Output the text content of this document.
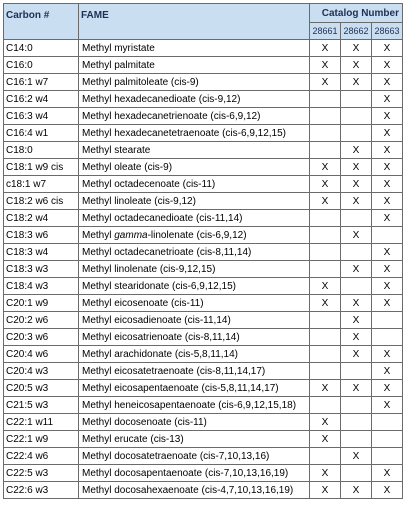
Carbon #	FAME	Catalog Number		
		28661	28662	28663
C14:0	Methyl myristate	X	X	X
C16:0	Methyl palmitate	X	X	X
C16:1 w7	Methyl palmitoleate (cis-9)	X	X	X
C16:2 w4	Methyl hexadecanedioate (cis-9,12)			X
C16:3 w4	Methyl hexadecanetrienoate (cis-6,9,12)			X
C16:4 w1	Methyl hexadecanetetraenoate (cis-6,9,12,15)			X
C18:0	Methyl stearate		X	X
C18:1 w9 cis	Methyl oleate (cis-9)	X	X	X
c18:1 w7	Methyl octadecenoate (cis-11)	X	X	X
C18:2 w6 cis	Methyl linoleate (cis-9,12)	X	X	X
C18:2 w4	Methyl octadecanedioate (cis-11,14)			X
C18:3 w6	Methyl gamma-linolenate (cis-6,9,12)		X	
C18:3 w4	Methyl octadecanetrioate (cis-8,11,14)			X
C18:3 w3	Methyl linolenate (cis-9,12,15)		X	X
C18:4 w3	Methyl stearidonate (cis-6,9,12,15)	X		X
C20:1 w9	Methyl eicosenoate (cis-11)	X	X	X
C20:2 w6	Methyl eicosadienoate (cis-11,14)		X	
C20:3 w6	Methyl eicosatrienoate (cis-8,11,14)		X	
C20:4 w6	Methyl arachidonate (cis-5,8,11,14)		X	X
C20:4 w3	Methyl eicosatetraenoate (cis-8,11,14,17)			X
C20:5 w3	Methyl eicosapentaenoate (cis-5,8,11,14,17)	X	X	X
C21:5 w3	Methyl heneicosapentaenoate (cis-6,9,12,15,18)			X
C22:1 w11	Methyl docosenoate (cis-11)	X		
C22:1 w9	Methyl erucate (cis-13)	X		
C22:4 w6	Methyl docosatetraenoate (cis-7,10,13,16)		X	
C22:5 w3	Methyl docosapentaenoate (cis-7,10,13,16,19)	X		X
C22:6 w3	Methyl docosahexaenoate (cis-4,7,10,13,16,19)	X	X	X
